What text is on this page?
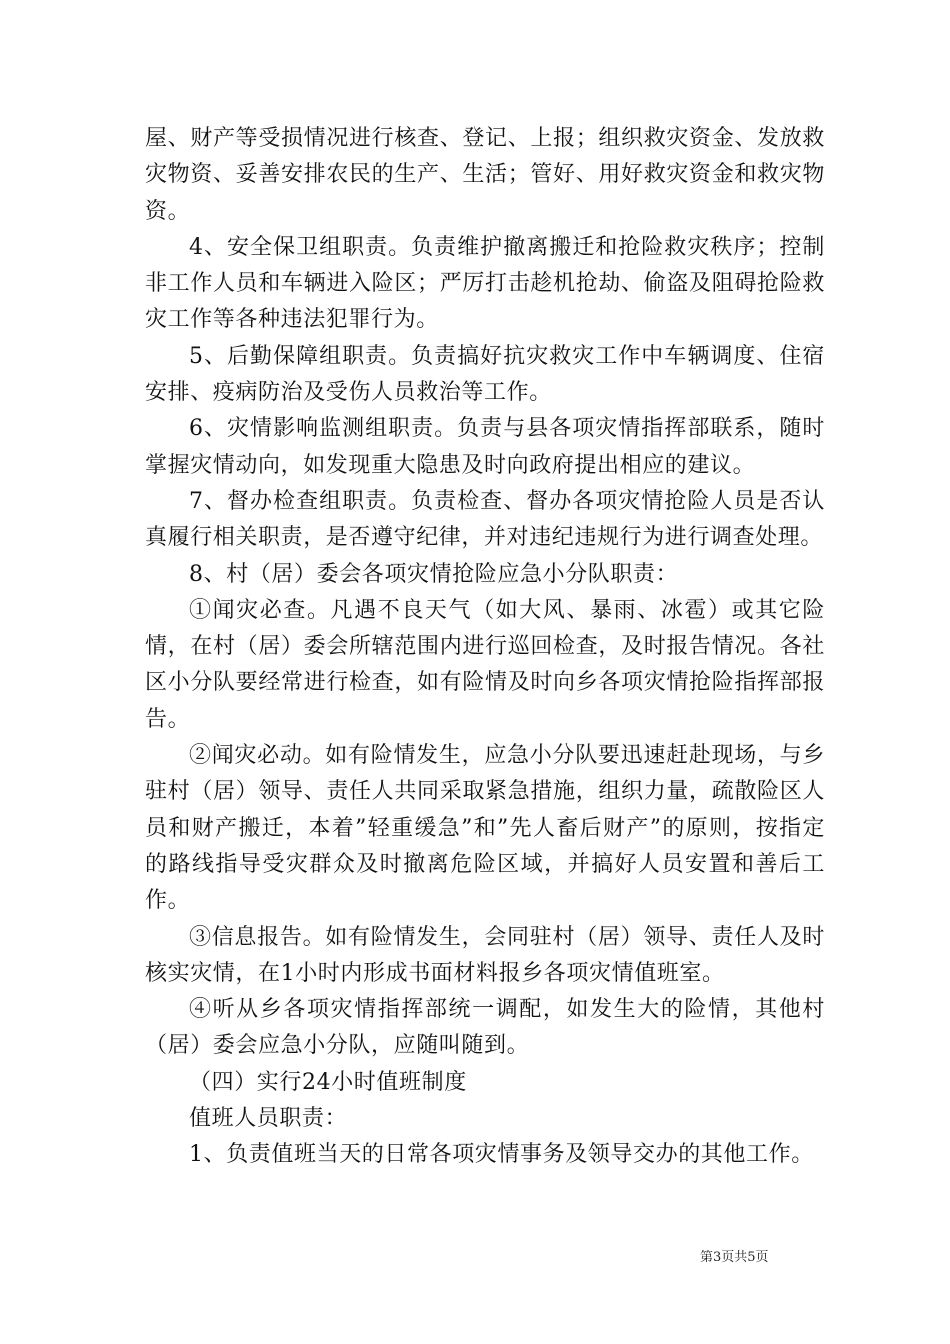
屋、财产等受损情况进行核查、登记、上报；组织救灾资金、发放救灾物资、妥善安排农民的生产、生活；管好、用好救灾资金和救灾物资。

4、安全保卫组职责。负责维护撤离搬迁和抢险救灾秩序；控制非工作人员和车辆进入险区；严厉打击趁机抢劫、偷盗及阻碍抢险救灾工作等各种违法犯罪行为。

5、后勤保障组职责。负责搞好抗灾救灾工作中车辆调度、住宿安排、疫病防治及受伤人员救治等工作。

6、灾情影响监测组职责。负责与县各项灾情指挥部联系，随时掌握灾情动向，如发现重大隐患及时向政府提出相应的建议。

7、督办检查组职责。负责检查、督办各项灾情抢险人员是否认真履行相关职责，是否遵守纪律，并对违纪违规行为进行调查处理。

8、村（居）委会各项灾情抢险应急小分队职责：

①闻灾必查。凡遇不良天气（如大风、暴雨、冰雹）或其它险情，在村（居）委会所辖范围内进行巡回检查，及时报告情况。各社区小分队要经常进行检查，如有险情及时向乡各项灾情抢险指挥部报告。

②闻灾必动。如有险情发生，应急小分队要迅速赶赴现场，与乡驻村（居）领导、责任人共同采取紧急措施，组织力量，疏散险区人员和财产搬迁，本着”轻重缓急”和”先人畜后财产”的原则，按指定的路线指导受灾群众及时撤离危险区域，并搞好人员安置和善后工作。

③信息报告。如有险情发生，会同驻村（居）领导、责任人及时核实灾情，在1小时内形成书面材料报乡各项灾情值班室。

④听从乡各项灾情指挥部统一调配，如发生大的险情，其他村（居）委会应急小分队，应随叫随到。

（四）实行24小时值班制度

值班人员职责：

1、负责值班当天的日常各项灾情事务及领导交办的其他工作。

第3页共5页
